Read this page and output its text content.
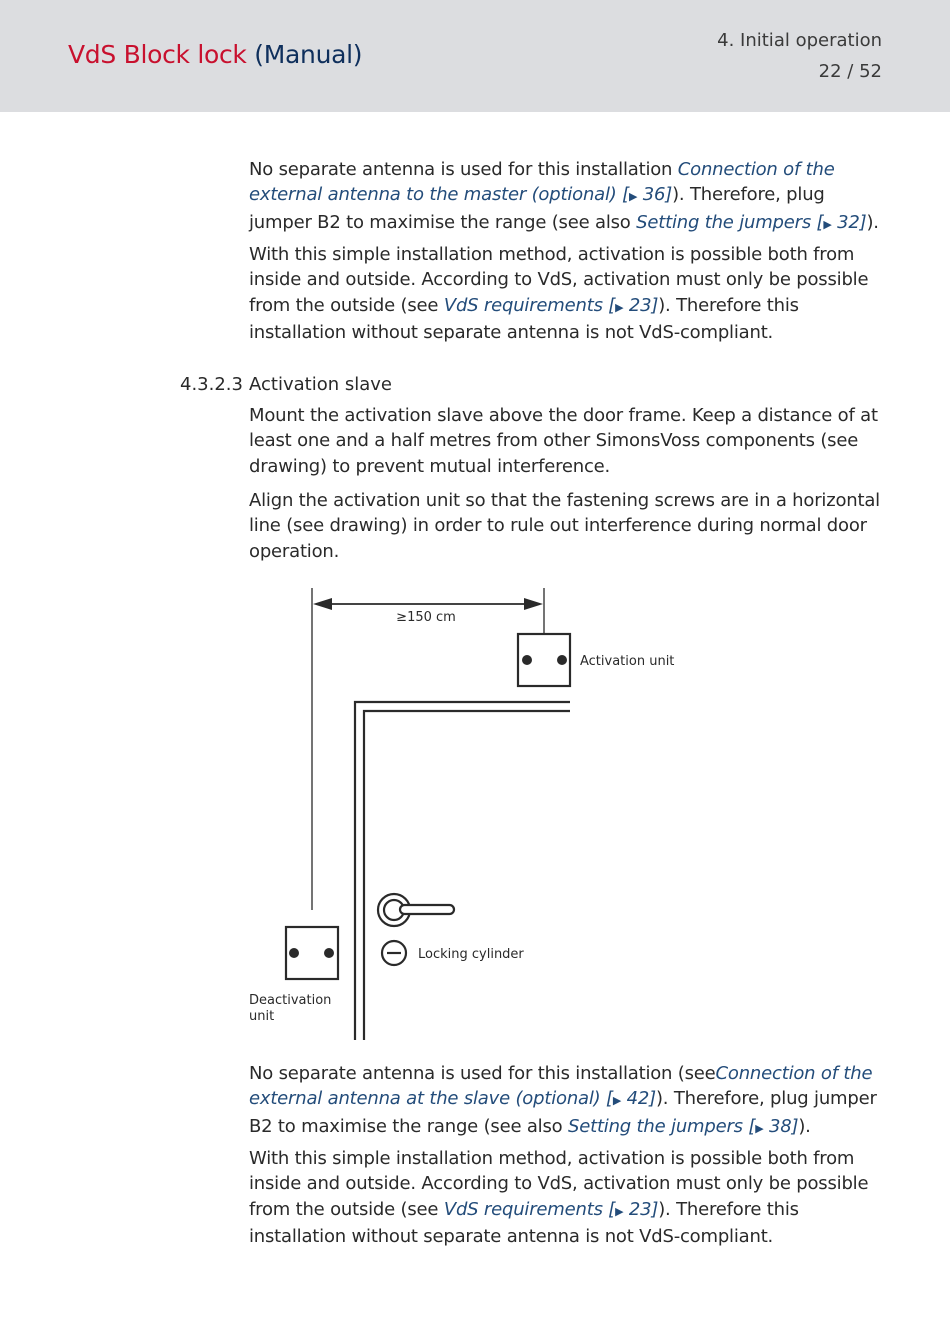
VdS Block lock (Manual)	4. Initial operation
22 / 52

No separate antenna is used for this installation Connection of the external antenna to the master (optional) [▶ 36]). Therefore, plug jumper B2 to maximise the range (see also Setting the jumpers [▶ 32]).

With this simple installation method, activation is possible both from inside and outside. According to VdS, activation must only be possible from the outside (see VdS requirements [▶ 23]). Therefore this installation without separate antenna is not VdS-compliant.

4.3.2.3 Activation slave

Mount the activation slave above the door frame. Keep a distance of at least one and a half metres from other SimonsVoss components (see drawing) to prevent mutual interference.

Align the activation unit so that the fastening screws are in a horizontal line (see drawing) in order to rule out interference during normal door operation.

≥150 cm
Activation unit
Locking cylinder
Deactivation
unit

No separate antenna is used for this installation (seeConnection of the external antenna at the slave (optional) [▶ 42]). Therefore, plug jumper B2 to maximise the range (see also Setting the jumpers [▶ 38]).

With this simple installation method, activation is possible both from inside and outside. According to VdS, activation must only be possible from the outside (see VdS requirements [▶ 23]). Therefore this installation without separate antenna is not VdS-compliant.
